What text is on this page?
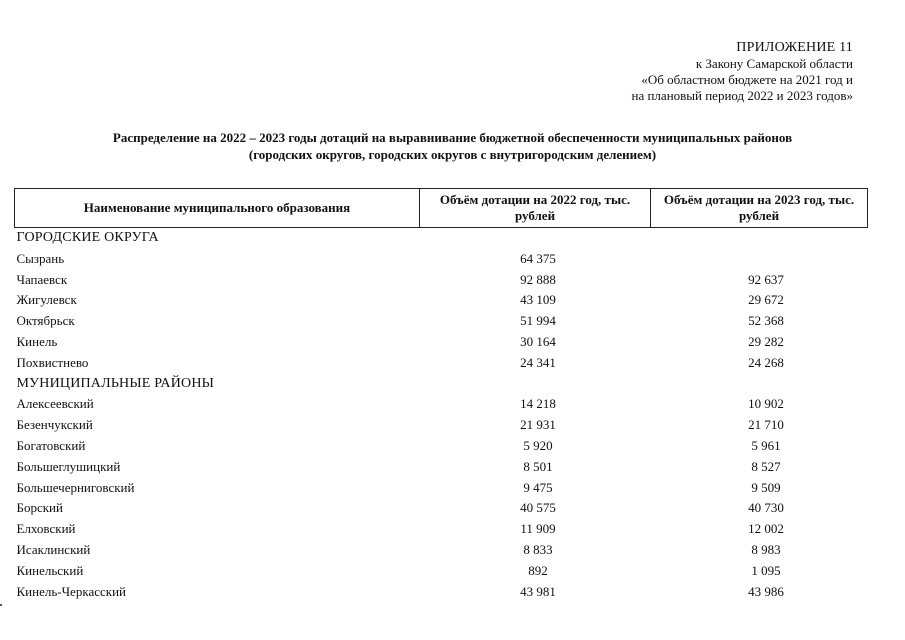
ПРИЛОЖЕНИЕ 11
к Закону Самарской области
«Об областном бюджете на 2021 год и
на плановый период 2022 и 2023 годов»
Распределение на 2022 – 2023 годы дотаций на выравнивание бюджетной обеспеченности муниципальных районов
(городских округов, городских округов с внутригородским делением)
Наименование муниципального образования	Объём дотации на 2022 год, тыс. рублей	Объём дотации на 2023 год, тыс. рублей
ГОРОДСКИЕ ОКРУГА		
Сызрань	64 375	
Чапаевск	92 888	92 637
Жигулевск	43 109	29 672
Октябрьск	51 994	52 368
Кинель	30 164	29 282
Похвистнево	24 341	24 268
МУНИЦИПАЛЬНЫЕ РАЙОНЫ		
Алексеевский	14 218	10 902
Безенчукский	21 931	21 710
Богатовский	5 920	5 961
Большеглушицкий	8 501	8 527
Большечерниговский	9 475	9 509
Борский	40 575	40 730
Елховский	11 909	12 002
Исаклинский	8 833	8 983
Кинельский	892	1 095
Кинель-Черкасский	43 981	43 986
